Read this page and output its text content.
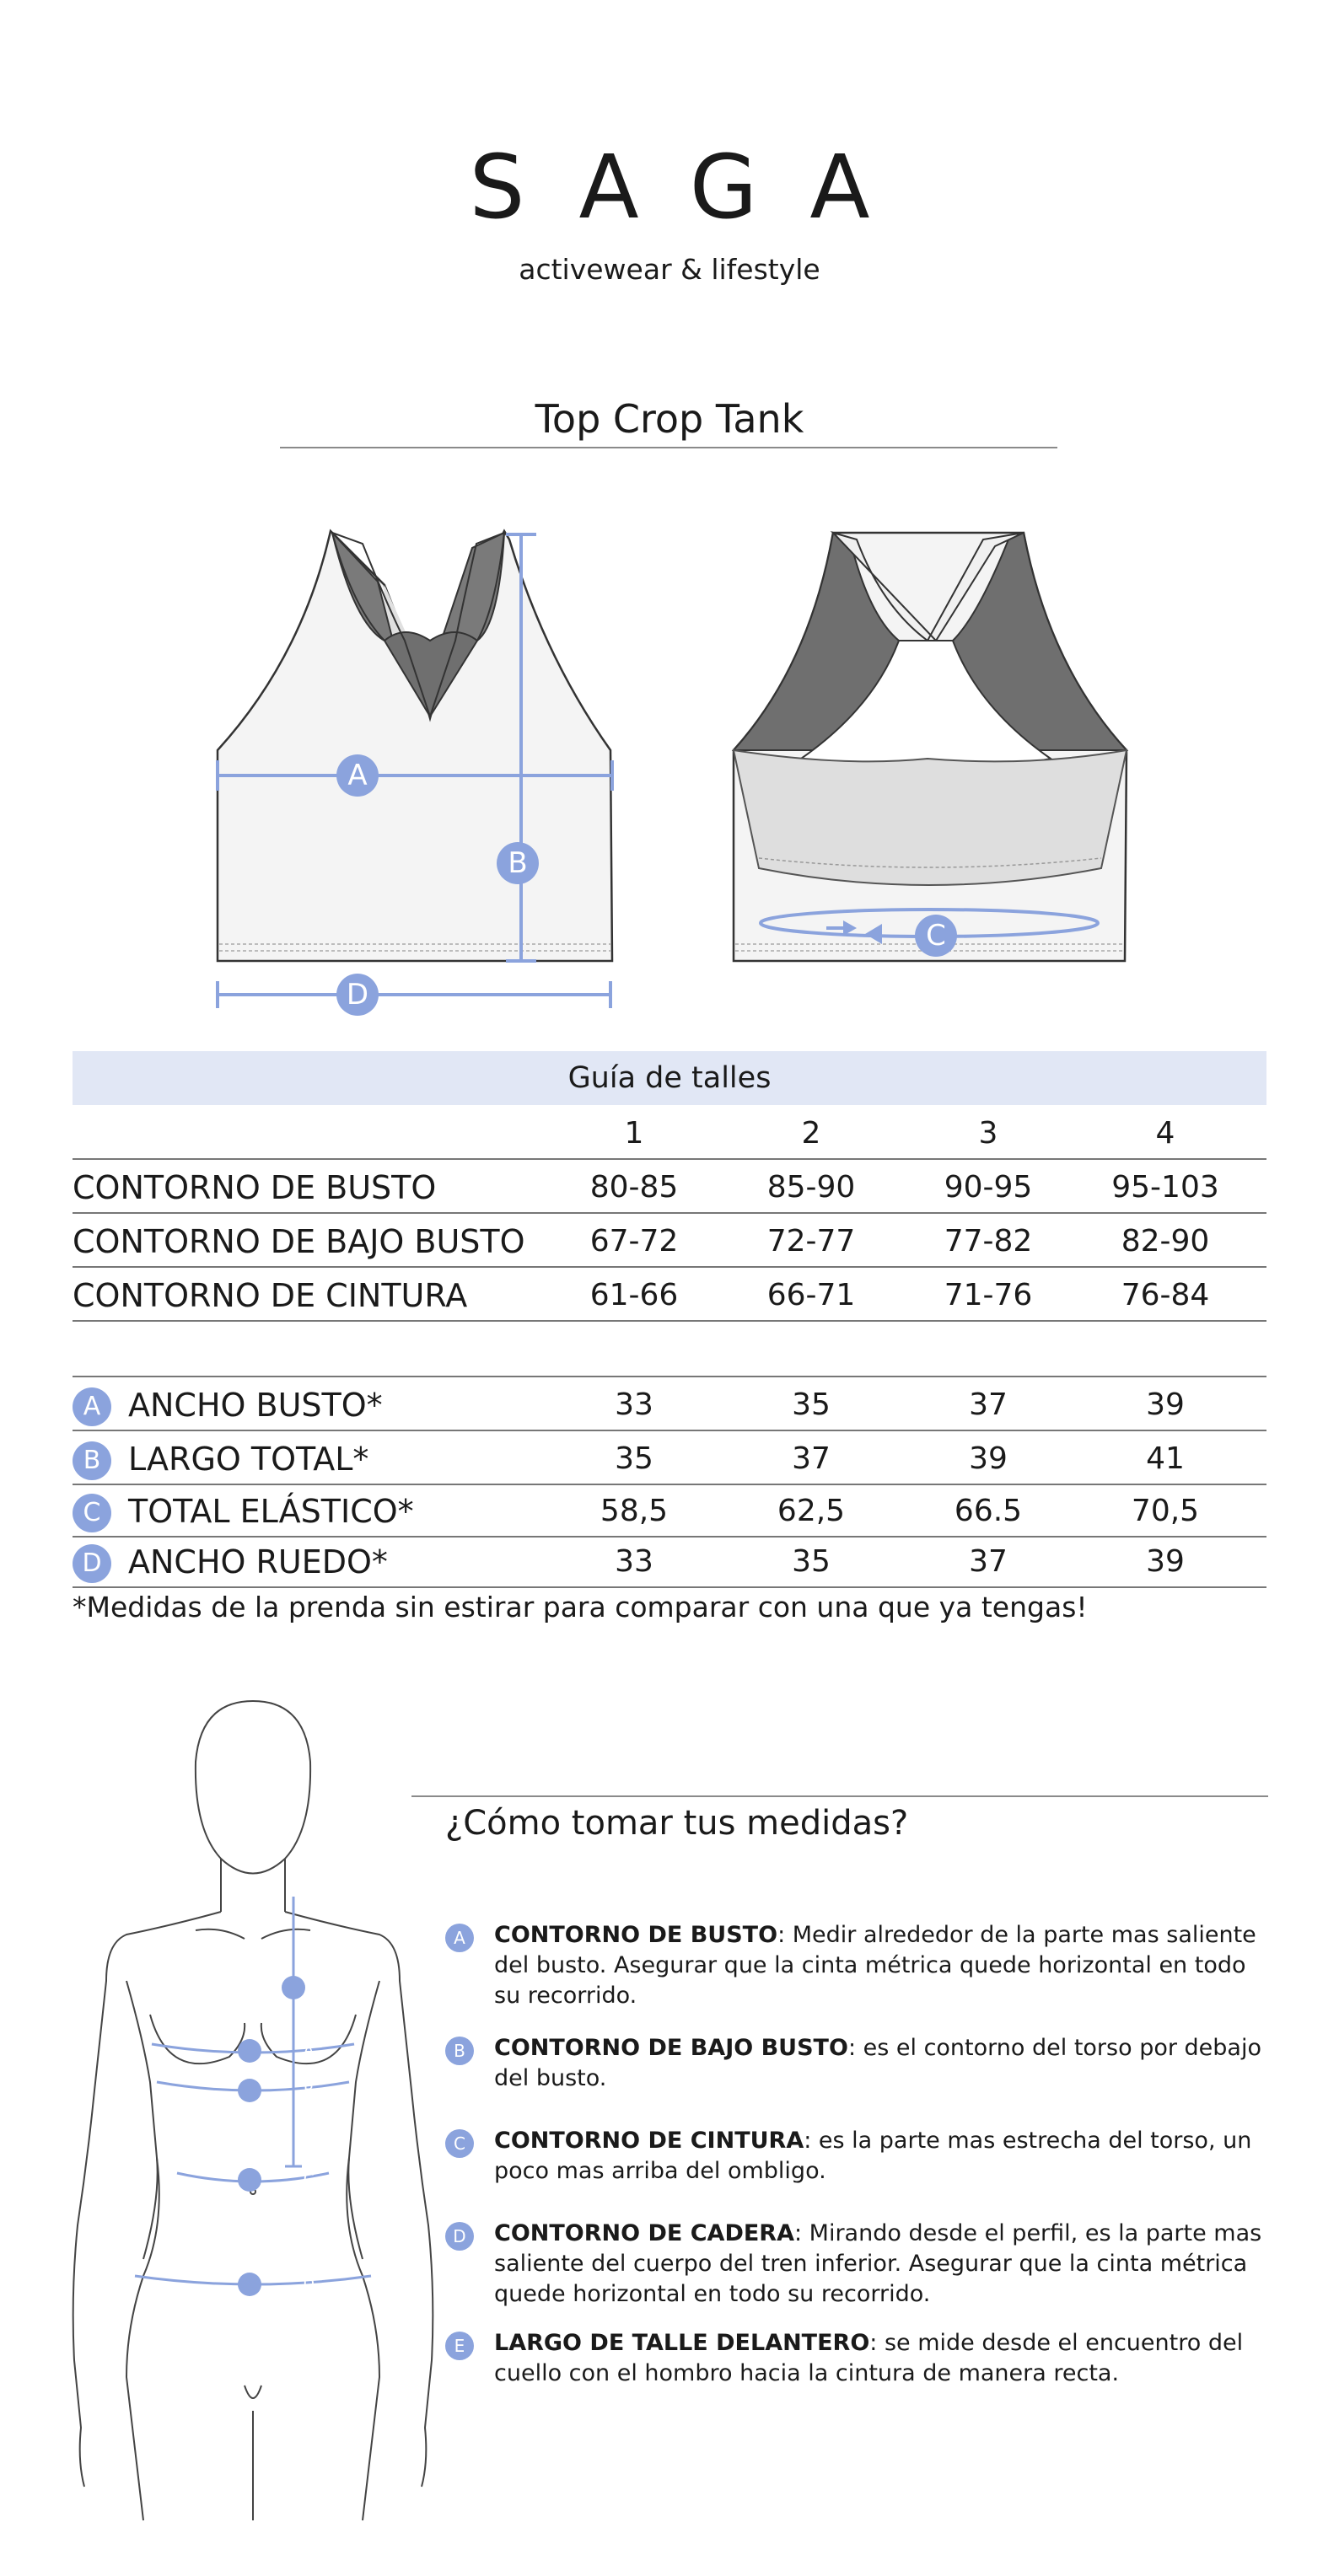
SAGA
activewear & lifestyle
Top Crop Tank
A
B
C
D
Guía de talles
1	2	3	4
CONTORNO DE BUSTO	80-85	85-90	90-95	95-103
CONTORNO DE BAJO BUSTO	67-72	72-77	77-82	82-90
CONTORNO DE CINTURA	61-66	66-71	71-76	76-84
A ANCHO BUSTO*	33	35	37	39
B LARGO TOTAL*	35	37	39	41
C TOTAL ELÁSTICO*	58,5	62,5	66.5	70,5
D ANCHO RUEDO*	33	35	37	39
*Medidas de la prenda sin estirar para comparar con una que ya tengas!
E
A
B
C
D
¿Cómo tomar tus medidas?
A	CONTORNO DE BUSTO: Medir alrededor de la parte mas saliente del busto. Asegurar que la cinta métrica quede horizontal en todo su recorrido.
B	CONTORNO DE BAJO BUSTO: es el contorno del torso por debajo del busto.
C	CONTORNO DE CINTURA: es la parte mas estrecha del torso, un poco mas arriba del ombligo.
D	CONTORNO DE CADERA: Mirando desde el perfil, es la parte mas saliente del cuerpo del tren inferior. Asegurar que la cinta métrica quede horizontal en todo su recorrido.
E	LARGO DE TALLE DELANTERO: se mide desde el encuentro del cuello con el hombro hacia la cintura de manera recta.
